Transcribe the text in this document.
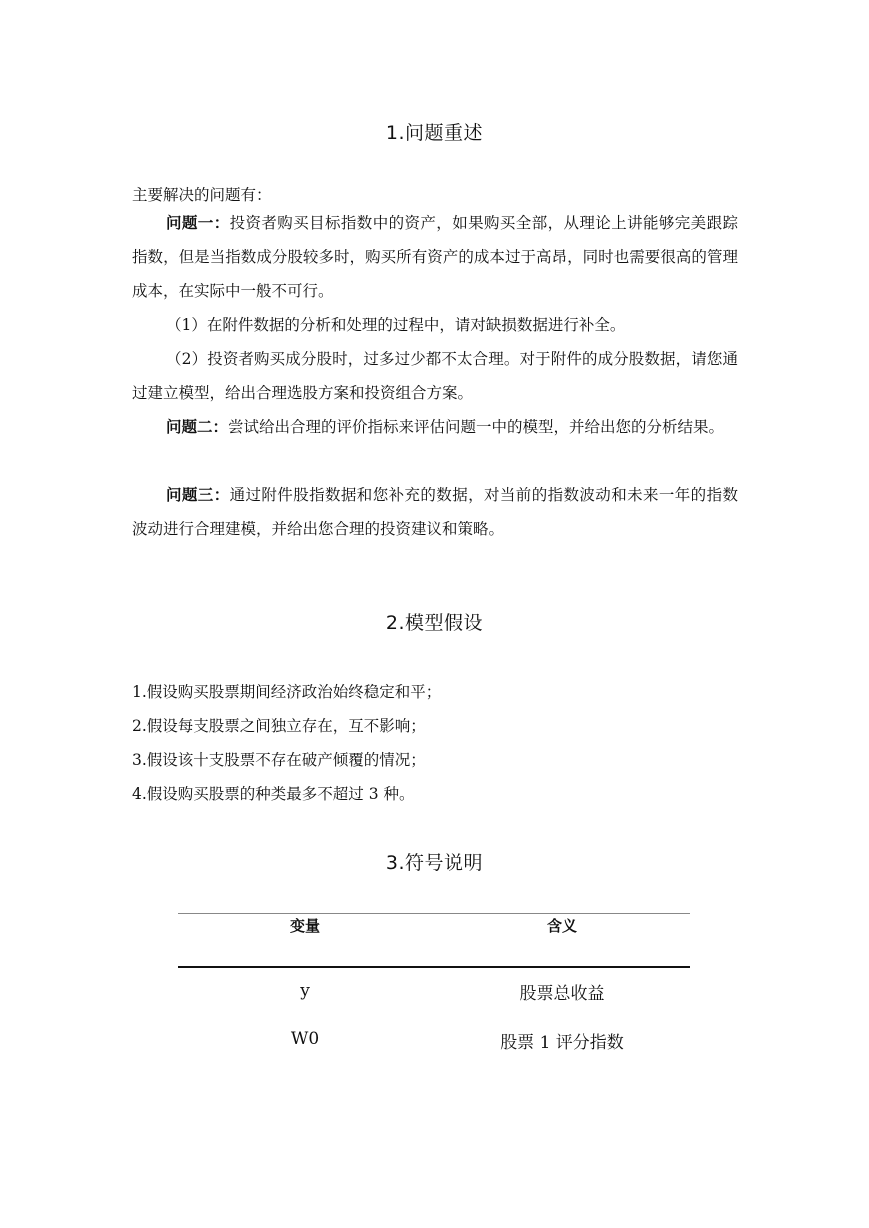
1.问题重述
主要解决的问题有：
问题一：投资者购买目标指数中的资产，如果购买全部，从理论上讲能够完美跟踪指数，但是当指数成分股较多时，购买所有资产的成本过于高昂，同时也需要很高的管理成本，在实际中一般不可行。
（1）在附件数据的分析和处理的过程中，请对缺损数据进行补全。
（2）投资者购买成分股时，过多过少都不太合理。对于附件的成分股数据，请您通过建立模型，给出合理选股方案和投资组合方案。
问题二：尝试给出合理的评价指标来评估问题一中的模型，并给出您的分析结果。
问题三：通过附件股指数据和您补充的数据，对当前的指数波动和未来一年的指数波动进行合理建模，并给出您合理的投资建议和策略。
2.模型假设
1.假设购买股票期间经济政治始终稳定和平；
2.假设每支股票之间独立存在，互不影响；
3.假设该十支股票不存在破产倾覆的情况；
4.假设购买股票的种类最多不超过 3 种。
3.符号说明
变量	含义
y	股票总收益
W0	股票 1 评分指数
